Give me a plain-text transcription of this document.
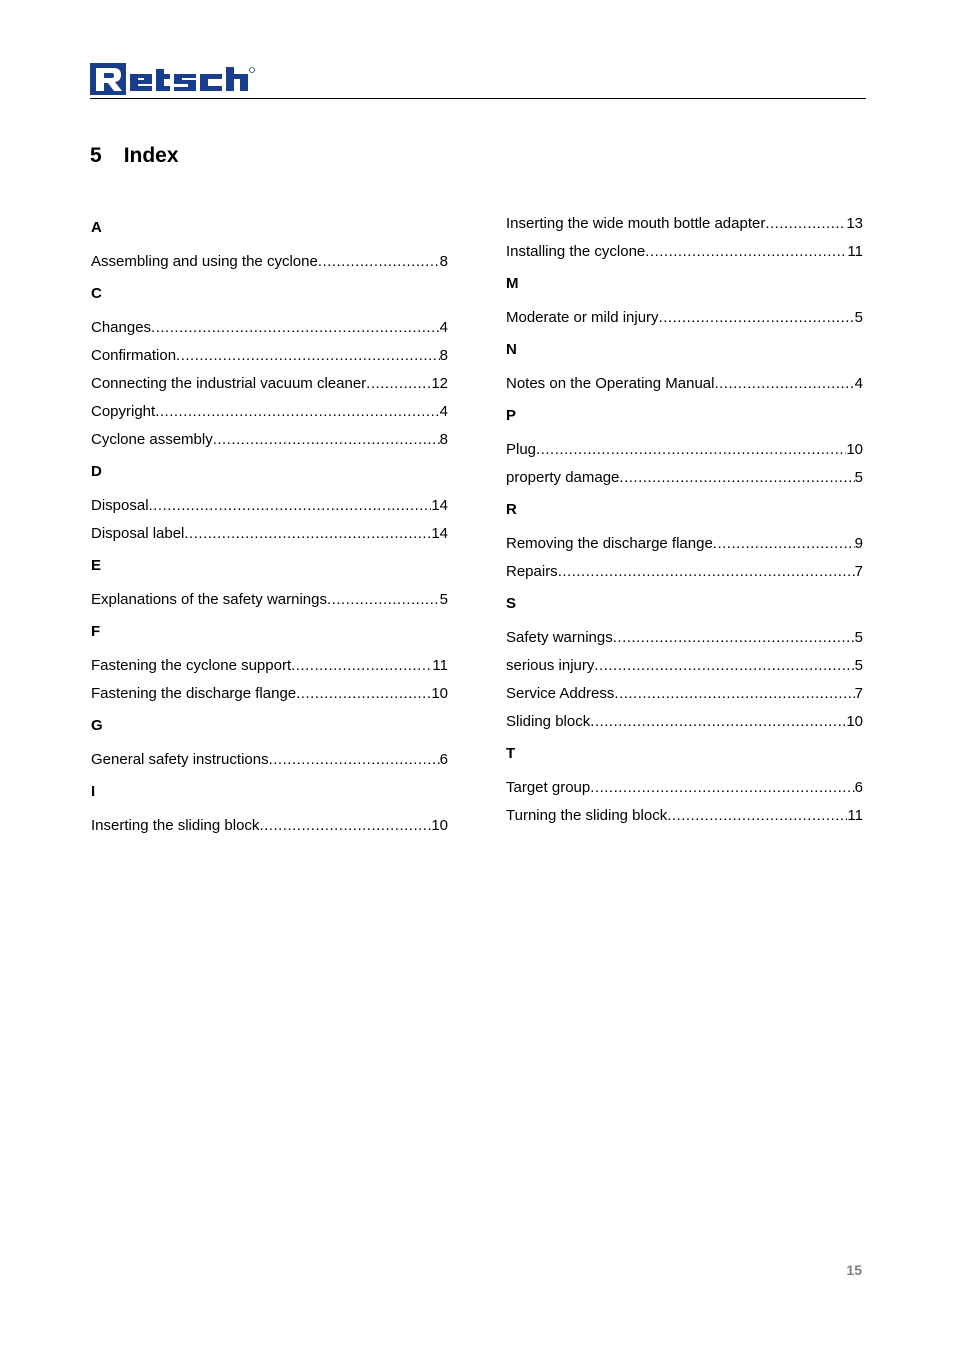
5 Index
A
Assembling and using the cyclone .....	8
C
Changes .....	4
Confirmation .....	8
Connecting the industrial vacuum cleaner .....	12
Copyright .....	4
Cyclone assembly .....	8
D
Disposal .....	14
Disposal label .....	14
E
Explanations of the safety warnings .....	5
F
Fastening the cyclone support .....	11
Fastening the discharge flange .....	10
G
General safety instructions .....	6
I
Inserting the sliding block .....	10
Inserting the wide mouth bottle adapter .....	13
Installing the cyclone .....	11
M
Moderate or mild injury .....	5
N
Notes on the Operating Manual .....	4
P
Plug .....	10
property damage .....	5
R
Removing the discharge flange .....	9
Repairs .....	7
S
Safety warnings .....	5
serious injury .....	5
Service Address .....	7
Sliding block .....	10
T
Target group .....	6
Turning the sliding block .....	11
15
